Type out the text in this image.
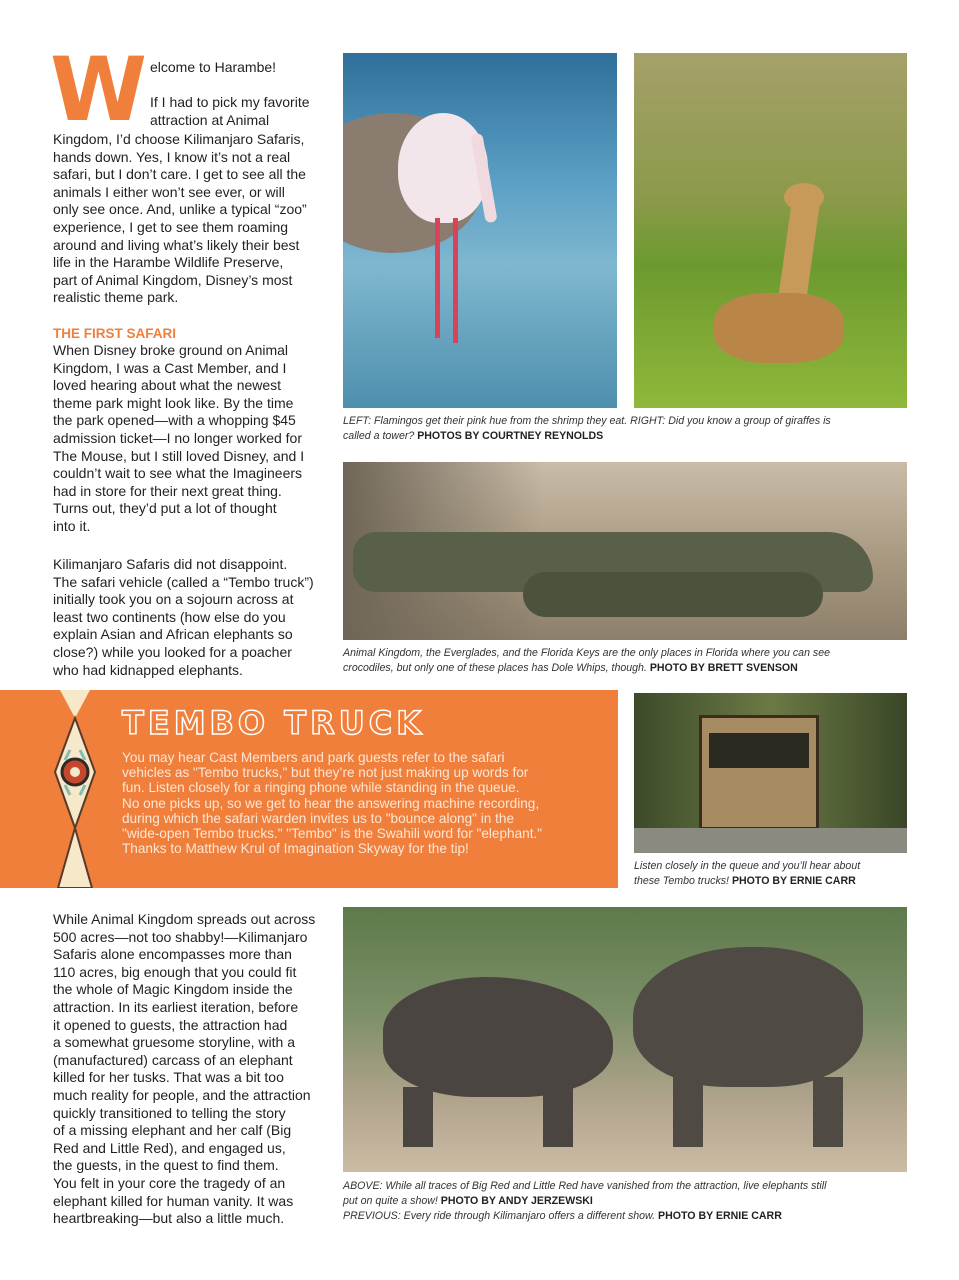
W elcome to Harambe!
If I had to pick my favorite
attraction at Animal
Kingdom, I’d choose Kilimanjaro Safaris,
hands down. Yes, I know it’s not a real
safari, but I don’t care. I get to see all the
animals I either won’t see ever, or will
only see once. And, unlike a typical “zoo”
experience, I get to see them roaming
around and living what’s likely their best
life in the Harambe Wildlife Preserve,
part of Animal Kingdom, Disney’s most
realistic theme park.
THE FIRST SAFARI
When Disney broke ground on Animal
Kingdom, I was a Cast Member, and I
loved hearing about what the newest
theme park might look like. By the time
the park opened—with a whopping $45
admission ticket—I no longer worked for
The Mouse, but I still loved Disney, and I
couldn’t wait to see what the Imagineers
had in store for their next great thing.
Turns out, they’d put a lot of thought
into it.
Kilimanjaro Safaris did not disappoint.
The safari vehicle (called a “Tembo truck”)
initially took you on a sojourn across at
least two continents (how else do you
explain Asian and African elephants so
close?) while you looked for a poacher
who had kidnapped elephants.
While Animal Kingdom spreads out across
500 acres—not too shabby!—Kilimanjaro
Safaris alone encompasses more than
110 acres, big enough that you could fit
the whole of Magic Kingdom inside the
attraction. In its earliest iteration, before
it opened to guests, the attraction had
a somewhat gruesome storyline, with a
(manufactured) carcass of an elephant
killed for her tusks. That was a bit too
much reality for people, and the attraction
quickly transitioned to telling the story
of a missing elephant and her calf (Big
Red and Little Red), and engaged us,
the guests, in the quest to find them.
You felt in your core the tragedy of an
elephant killed for human vanity. It was
heartbreaking—but also a little much.
LEFT: Flamingos get their pink hue from the shrimp they eat. RIGHT: Did you know a group of giraffes is
called a tower? PHOTOS BY COURTNEY REYNOLDS
Animal Kingdom, the Everglades, and the Florida Keys are the only places in Florida where you can see
crocodiles, but only one of these places has Dole Whips, though. PHOTO BY BRETT SVENSON
TEMBO TRUCK
You may hear Cast Members and park guests refer to the safari
vehicles as "Tembo trucks," but they’re not just making up words for
fun. Listen closely for a ringing phone while standing in the queue.
No one picks up, so we get to hear the answering machine recording,
during which the safari warden invites us to "bounce along" in the
"wide-open Tembo trucks." "Tembo" is the Swahili word for "elephant."
Thanks to Matthew Krul of Imagination Skyway for the tip!
Listen closely in the queue and you’ll hear about
these Tembo trucks! PHOTO BY ERNIE CARR
ABOVE: While all traces of Big Red and Little Red have vanished from the attraction, live elephants still
put on quite a show! PHOTO BY ANDY JERZEWSKI
PREVIOUS: Every ride through Kilimanjaro offers a different show. PHOTO BY ERNIE CARR
